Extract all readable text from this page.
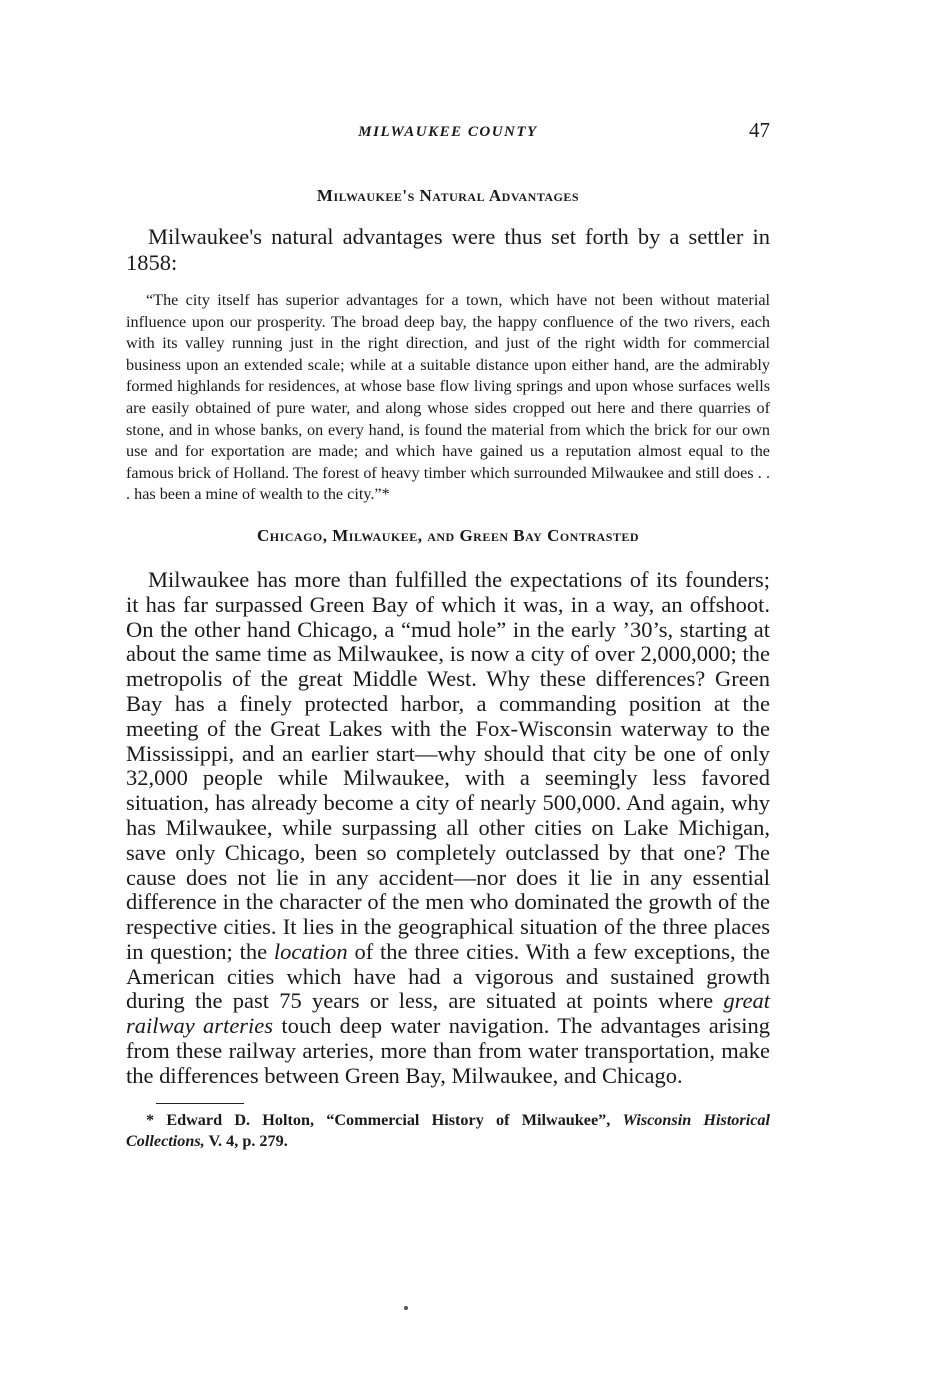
MILWAUKEE COUNTY	47
Milwaukee's Natural Advantages

Milwaukee's natural advantages were thus set forth by a settler in 1858:

“The city itself has superior advantages for a town, which have not been without material influence upon our prosperity. The broad deep bay, the happy confluence of the two rivers, each with its valley running just in the right direction, and just of the right width for commercial business upon an extended scale; while at a suitable distance upon either hand, are the admirably formed highlands for residences, at whose base flow living springs and upon whose surfaces wells are easily obtained of pure water, and along whose sides cropped out here and there quarries of stone, and in whose banks, on every hand, is found the material from which the brick for our own use and for exportation are made; and which have gained us a reputation almost equal to the famous brick of Holland. The forest of heavy timber which surrounded Milwaukee and still does . . . has been a mine of wealth to the city.”*

Chicago, Milwaukee, and Green Bay Contrasted

Milwaukee has more than fulfilled the expectations of its founders; it has far surpassed Green Bay of which it was, in a way, an offshoot. On the other hand Chicago, a “mud hole” in the early ’30’s, starting at about the same time as Milwaukee, is now a city of over 2,000,000; the metropolis of the great Middle West. Why these differences? Green Bay has a finely protected harbor, a commanding position at the meeting of the Great Lakes with the Fox-Wisconsin waterway to the Mississippi, and an earlier start—why should that city be one of only 32,000 people while Milwaukee, with a seemingly less favored situation, has already become a city of nearly 500,000. And again, why has Milwaukee, while surpassing all other cities on Lake Michigan, save only Chicago, been so completely outclassed by that one? The cause does not lie in any accident—nor does it lie in any essential difference in the character of the men who dominated the growth of the respective cities. It lies in the geographical situation of the three places in question; the location of the three cities. With a few exceptions, the American cities which have had a vigorous and sustained growth during the past 75 years or less, are situated at points where great railway arteries touch deep water navigation. The advantages arising from these railway arteries, more than from water transportation, make the differences between Green Bay, Milwaukee, and Chicago.

* Edward D. Holton, “Commercial History of Milwaukee”, Wisconsin Historical Collections, V. 4, p. 279.
